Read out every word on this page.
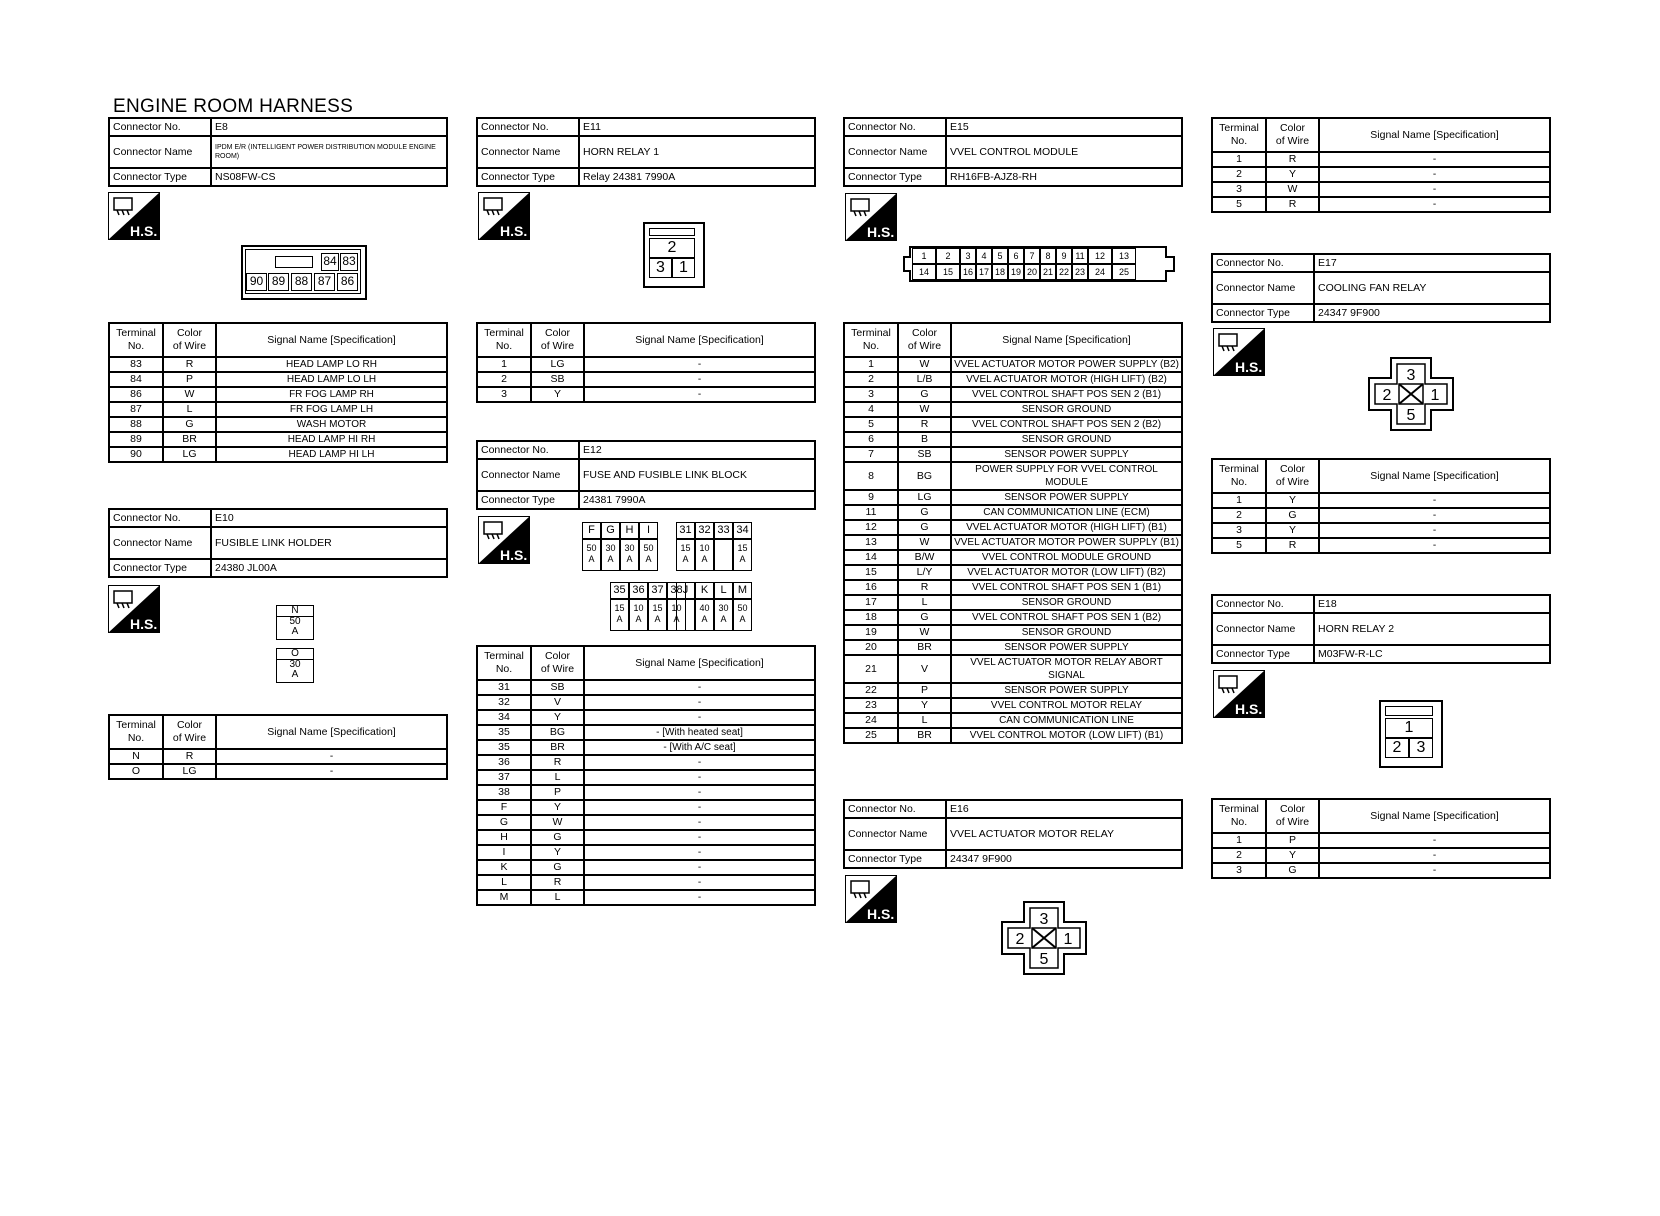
ENGINE ROOM HARNESS
Connector No.	E8
Connector Name	IPDM E/R (INTELLIGENT POWER DISTRIBUTION MODULE ENGINE ROOM)
Connector Type	NS08FW-CS
H.S.
84 83
90 89 88 87 86
Terminal
No.	Color
of Wire	Signal Name [Specification]
83	R	HEAD LAMP LO RH
84	P	HEAD LAMP LO LH
86	W	FR FOG LAMP RH
87	L	FR FOG LAMP LH
88	G	WASH MOTOR
89	BR	HEAD LAMP HI RH
90	LG	HEAD LAMP HI LH
Connector No.	E10
Connector Name	FUSIBLE LINK HOLDER
Connector Type	24380 JL00A
H.S.
N
50
A
O
30
A
Terminal
No.	Color
of Wire	Signal Name [Specification]
N	R	-
O	LG	-
Connector No.	E11
Connector Name	HORN RELAY 1
Connector Type	Relay 24381 7990A
H.S.
2
3 1
Terminal
No.	Color
of Wire	Signal Name [Specification]
1	LG	-
2	SB	-
3	Y	-
Connector No.	E12
Connector Name	FUSE AND FUSIBLE LINK BLOCK
Connector Type	24381 7990A
H.S.
F
50
A
G
30
A
H
30
A
I
50
A
31
15
A
32
10
A
33 34
15
A
35
15
A
36
10
A
37
15
A
38
10
A
J	K
40
A
L
30
A
M
50
A
Terminal
No.	Color
of Wire	Signal Name [Specification]
31	SB	-
32	V	-
34	Y	-
35	BG	- [With heated seat]
35	BR	- [With A/C seat]
36	R	-
37	L	-
38	P	-
F	Y	-
G	W	-
H	G	-
I	Y	-
K	G	-
L	R	-
M	L	-
Connector No.	E15
Connector Name	VVEL CONTROL MODULE
Connector Type	RH16FB-AJZ8-RH
H.S.
1	2	3	4	5	6	7	8	9 11	12	13
14	15	16 17 18 19 20 21 22 23	24	25
Terminal
No.	Color
of Wire	Signal Name [Specification]
1	W	VVEL ACTUATOR MOTOR POWER SUPPLY (B2)
2	L/B	VVEL ACTUATOR MOTOR (HIGH LIFT) (B2)
3	G	VVEL CONTROL SHAFT POS SEN 2 (B1)
4	W	SENSOR GROUND
5	R	VVEL CONTROL SHAFT POS SEN 2 (B2)
6	B	SENSOR GROUND
7	SB	SENSOR POWER SUPPLY
8	BG	POWER SUPPLY FOR VVEL CONTROL MODULE
9	LG	SENSOR POWER SUPPLY
11	G	CAN COMMUNICATION LINE (ECM)
12	G	VVEL ACTUATOR MOTOR (HIGH LIFT) (B1)
13	W	VVEL ACTUATOR MOTOR POWER SUPPLY (B1)
14	B/W	VVEL CONTROL MODULE GROUND
15	L/Y	VVEL ACTUATOR MOTOR (LOW LIFT) (B2)
16	R	VVEL CONTROL SHAFT POS SEN 1 (B1)
17	L	SENSOR GROUND
18	G	VVEL CONTROL SHAFT POS SEN 1 (B2)
19	W	SENSOR GROUND
20	BR	SENSOR POWER SUPPLY
21	V	VVEL ACTUATOR MOTOR RELAY ABORT SIGNAL
22	P	SENSOR POWER SUPPLY
23	Y	VVEL CONTROL MOTOR RELAY
24	L	CAN COMMUNICATION LINE
25	BR	VVEL CONTROL MOTOR (LOW LIFT) (B1)
Connector No.	E16
Connector Name	VVEL ACTUATOR MOTOR RELAY
Connector Type	24347 9F900
H.S.	3
2 1
5
Terminal
No.	Color
of Wire	Signal Name [Specification]
1	R	-
2	Y	-
3	W	-
5	R	-
Connector No.	E17
Connector Name	COOLING FAN RELAY
Connector Type	24347 9F900
H.S.	3
2 1
5
Terminal
No.	Color
of Wire	Signal Name [Specification]
1	Y	-
2	G	-
3	Y	-
5	R	-
Connector No.	E18
Connector Name	HORN RELAY 2
Connector Type	M03FW-R-LC
H.S.
1
2 3
Terminal
No.	Color
of Wire	Signal Name [Specification]
1	P	-
2	Y	-
3	G	-
